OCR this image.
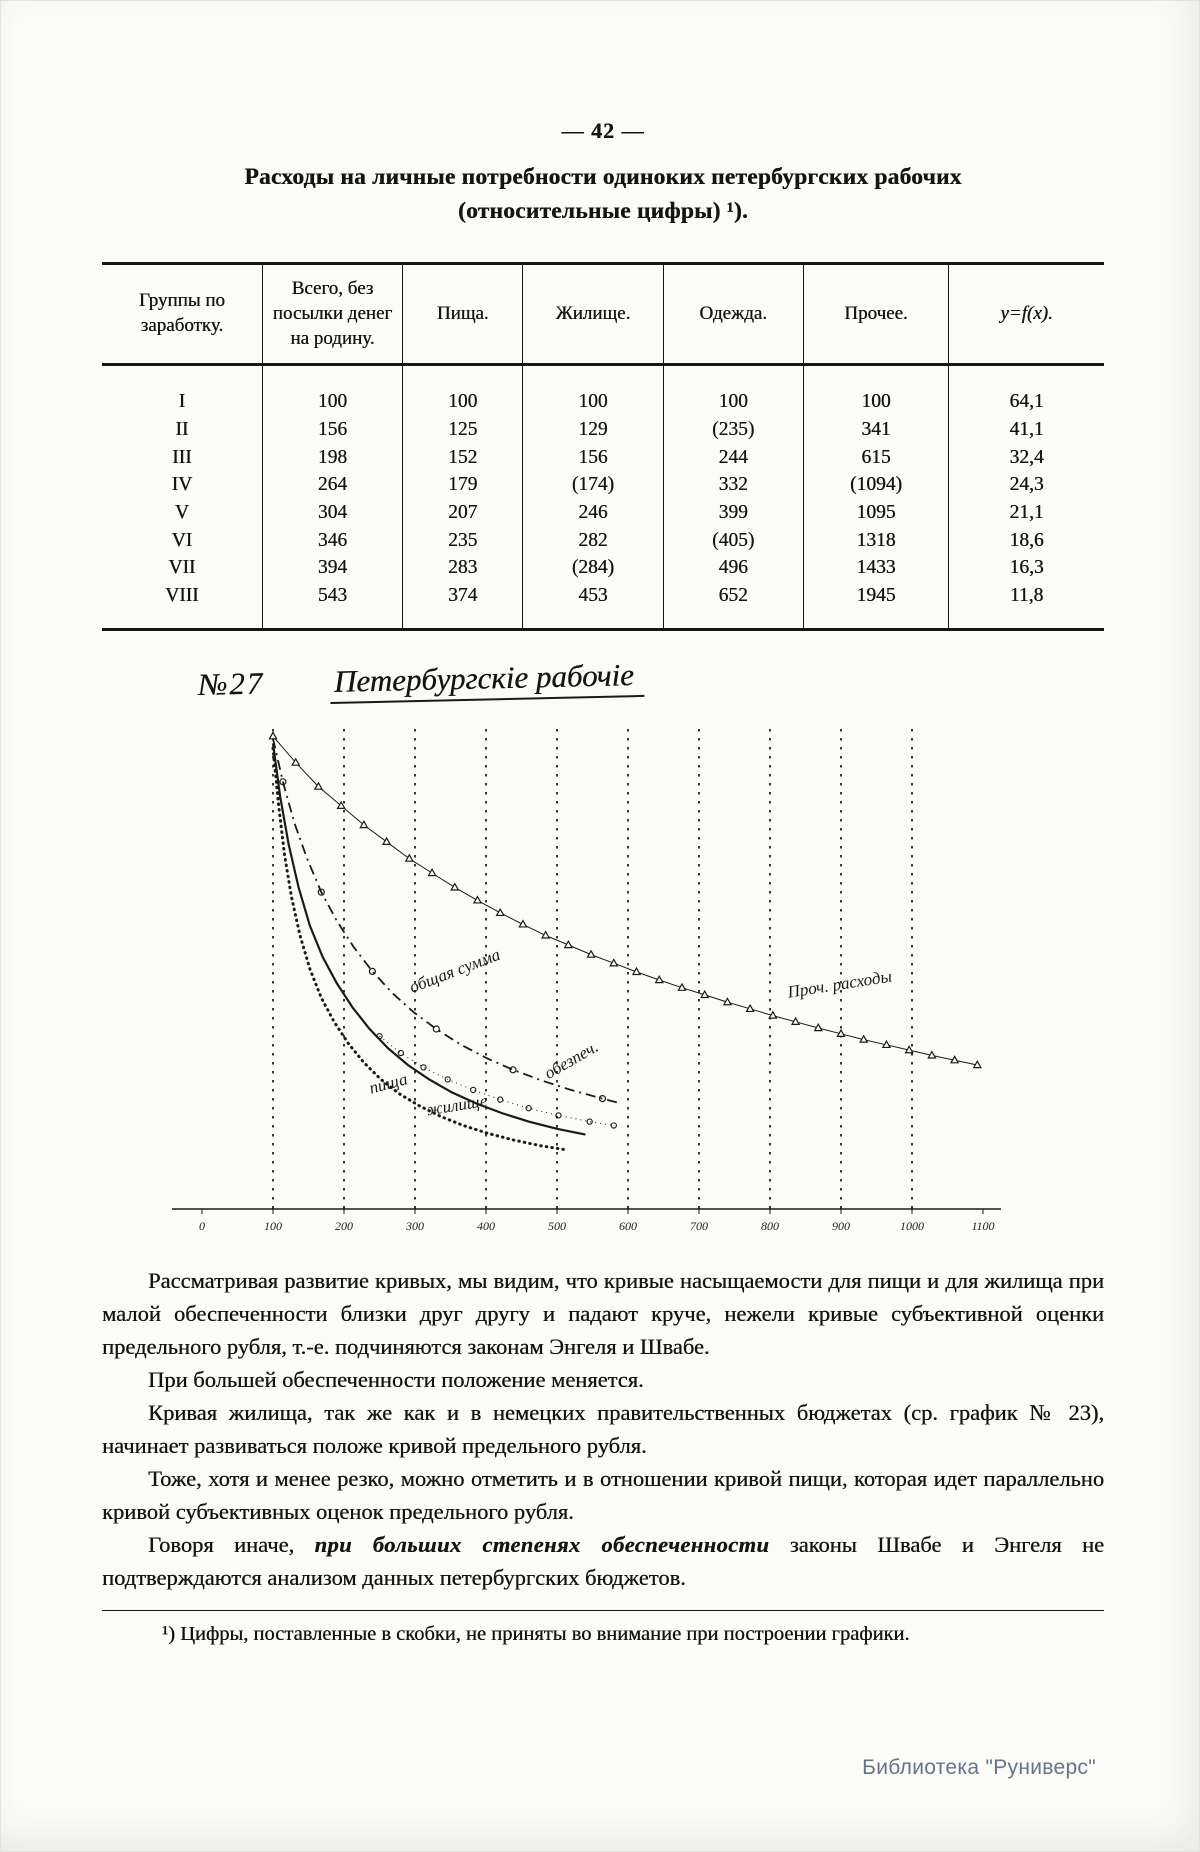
— 42 —
Расходы на личные потребности одиноких петербургских рабочих
(относительные цифры) ¹).
Группы по заработку.	Всего, без посылки денег на родину.	Пища.	Жилище.	Одежда.	Прочее.	y=f(x).
I	100	100	100	100	100	64,1
II	156	125	129	(235)	341	41,1
III	198	152	156	244	615	32,4
IV	264	179	(174)	332	(1094)	24,3
V	304	207	246	399	1095	21,1
VI	346	235	282	(405)	1318	18,6
VII	394	283	(284)	496	1433	16,3
VIII	543	374	453	652	1945	11,8
№27 Петербургскіе рабочіе
0	100	200	300	400	500	600	700	800	900	1000	1100
общая сумма
пища
жилище
обезпеч.
Проч. расходы

Рассматривая развитие кривых, мы видим, что кривые насыщаемости для пищи и для жилища при малой обеспеченности близки друг другу и падают круче, нежели кривые субъективной оценки предельного рубля, т.-е. подчиняются законам Энгеля и Швабе.

При большей обеспеченности положение меняется.

Кривая жилища, так же как и в немецких правительственных бюджетах (ср. график № 23), начинает развиваться положе кривой предельного рубля.

Тоже, хотя и менее резко, можно отметить и в отношении кривой пищи, которая идет параллельно кривой субъективных оценок предельного рубля.

Говоря иначе, при больших степенях обеспеченности законы Швабе и Энгеля не подтверждаются анализом данных петербургских бюджетов.

¹) Цифры, поставленные в скобки, не приняты во внимание при построении графики.
Библиотека "Руниверс"
